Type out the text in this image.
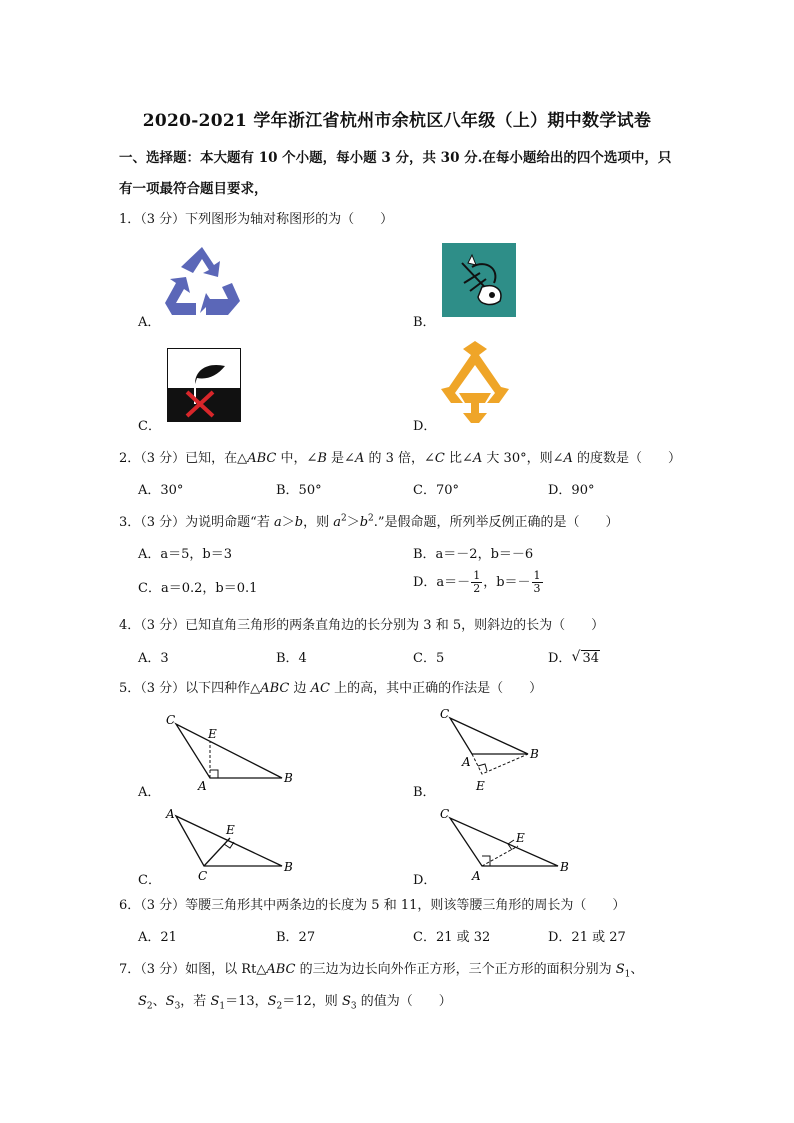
2020-2021 学年浙江省杭州市余杭区八年级（上）期中数学试卷
一、选择题：本大题有 10 个小题，每小题 3 分，共 30 分.在每小题给出的四个选项中，只
有一项最符合题目要求，
1．（3 分）下列图形为轴对称图形的为（　　）
A．	B．
C．	D．
2．（3 分）已知，在△ABC 中，∠B 是∠A 的 3 倍，∠C 比∠A 大 30°，则∠A 的度数是（　　）
A．30°	B．50°	C．70°	D．90°
3．（3 分）为说明命题“若 a＞b，则 $a^2>b^2$.”是假命题，所列举反例正确的是（　　）
A．a＝5，b＝3	B．a＝－2，b＝－6
C．a＝0.2，b＝0.1	D．$a=- \frac{1}{2}$ ，$b=- \frac{1}{3}$
4．（3 分）已知直角三角形的两条直角边的长分别为 3 和 5，则斜边的长为（　　）
A．3	B．4	C．5	D． √ 34
5．（3 分）以下四种作△ABC 边 AC 上的高，其中正确的作法是（　　）
A．
C
E
A
B
B．
C
B
A
E
C．
A
E
C
B
D．
C
E
A
B
6．（3 分）等腰三角形其中两条边的长度为 5 和 11，则该等腰三角形的周长为（　　）
A．21	B．27	C．21 或 32	D．21 或 27
7．（3 分）如图，以 Rt△ABC 的三边为边长向外作正方形，三个正方形的面积分别为 $S_1$、
$S_2$、$S_3$，若 $S_1=13$，$S_2=12$，则 $S_3$ 的值为（　　）
